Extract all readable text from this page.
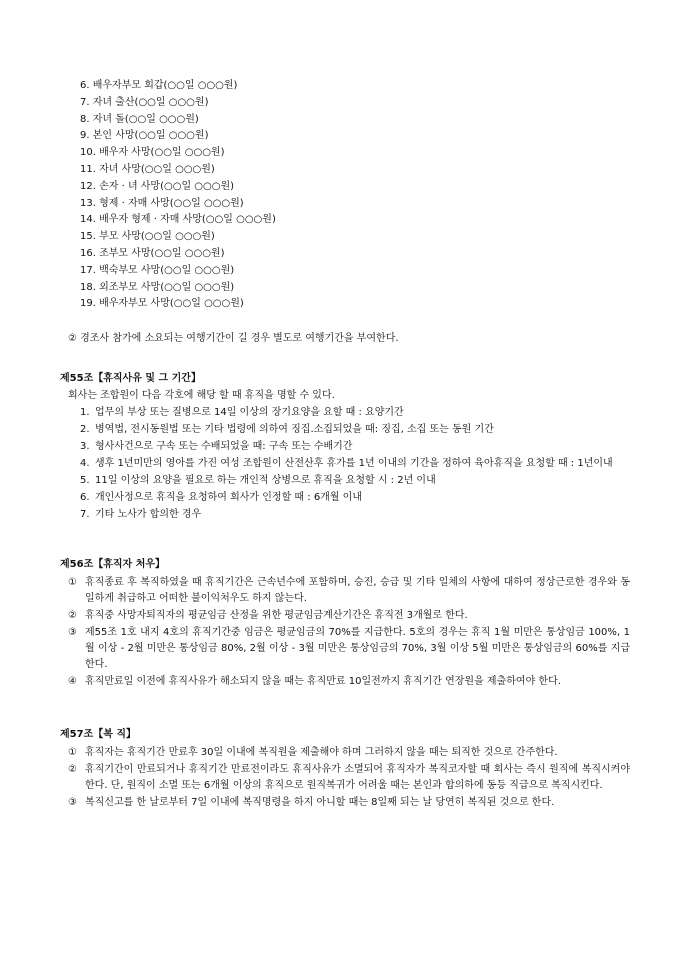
6. 배우자부모 회갑(○○일 ○○○원)
7. 자녀 출산(○○일 ○○○원)
8. 자녀 돌(○○일 ○○○원)
9. 본인 사망(○○일 ○○○원)
10. 배우자 사망(○○일 ○○○원)
11. 자녀 사망(○○일 ○○○원)
12. 손자 · 녀 사망(○○일 ○○○원)
13. 형제 · 자매 사망(○○일 ○○○원)
14. 배우자 형제 · 자매 사망(○○일 ○○○원)
15. 부모 사망(○○일 ○○○원)
16. 조부모 사망(○○일 ○○○원)
17. 백숙부모 사망(○○일 ○○○원)
18. 외조부모 사망(○○일 ○○○원)
19. 배우자부모 사망(○○일 ○○○원)
② 경조사 참가에 소요되는 여행기간이 길 경우 별도로 여행기간을 부여한다.
제55조【휴직사유 및 그 기간】
회사는 조합원이 다음 각호에 해당 할 때 휴직을 명할 수 있다.
1. 업무의 부상 또는 질병으로 14일 이상의 장기요양을 요할 때 : 요양기간
2. 병역법, 전시동원법 또는 기타 법령에 의하여 징집.소집되었을 때: 징집, 소집 또는 동원 기간
3. 형사사건으로 구속 또는 수배되었을 때: 구속 또는 수배기간
4. 생후 1년미만의 영아를 가진 여성 조합원이 산전산후 휴가를 1년 이내의 기간을 정하여 육아휴직을 요청할 때 : 1년이내
5. 11일 이상의 요양을 필요로 하는 개인적 상병으로 휴직을 요청할 시 : 2년 이내
6. 개인사정으로 휴직을 요청하여 회사가 인정할 때 : 6개월 이내
7. 기타 노사가 합의한 경우
제56조【휴직자 처우】
① 휴직종료 후 복직하였을 때 휴직기간은 근속년수에 포함하며, 승진, 승급 및 기타 일체의 사항에 대하여 정상근로한 경우와 동일하게 취급하고 어떠한 불이익처우도 하지 않는다.
② 휴직중 사망자퇴직자의 평균임금 산정을 위한 평균임금계산기간은 휴직전 3개월로 한다.
③ 제55조 1호 내지 4호의 휴직기간중 임금은 평균임금의 70%를 지급한다. 5호의 경우는 휴직 1월 미만은 통상임금 100%, 1월 이상 - 2월 미만은 통상임금 80%, 2월 이상 - 3월 미만은 통상임금의 70%, 3월 이상 5월 미만은 통상임금의 60%를 지급한다.
④ 휴직만료일 이전에 휴직사유가 해소되지 않을 때는 휴직만료 10일전까지 휴직기간 연장원을 제출하여야 한다.
제57조【복 직】
① 휴직자는 휴직기간 만료후 30일 이내에 복직원을 제출해야 하며 그러하지 않을 때는 퇴직한 것으로 간주한다.
② 휴직기간이 만료되거나 휴직기간 만료전이라도 휴직사유가 소멸되어 휴직자가 복직코자할 때 회사는 즉시 원직에 복직시켜야 한다. 단, 원직이 소멸 또는 6개월 이상의 휴직으로 원직복귀가 어려울 때는 본인과 합의하에 동등 직급으로 복직시킨다.
③ 복직신고를 한 날로부터 7일 이내에 복직명령을 하지 아니할 때는 8일째 되는 날 당연히 복직된 것으로 한다.
